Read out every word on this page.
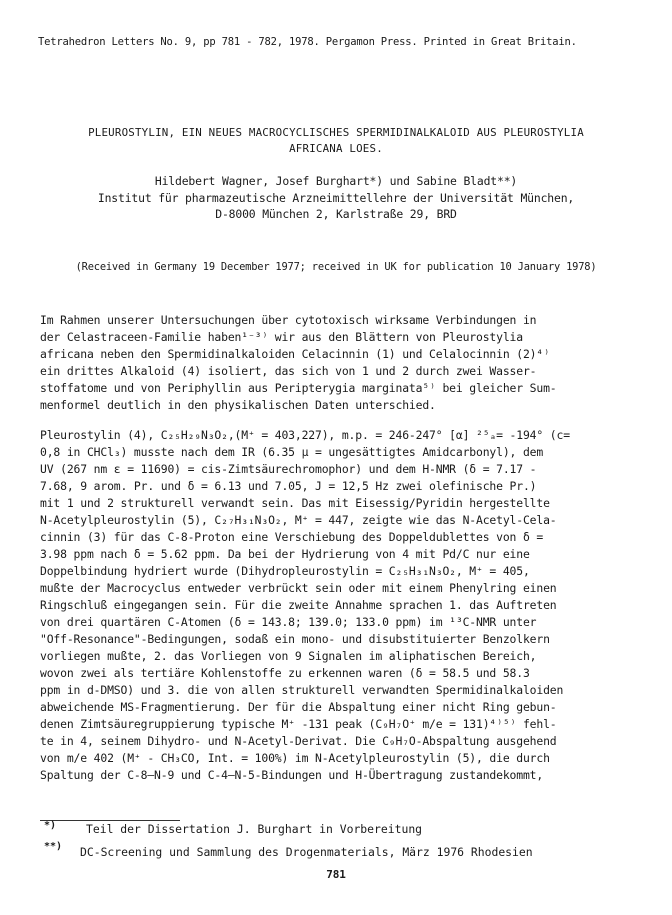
Tetrahedron Letters No. 9, pp 781 - 782, 1978. Pergamon Press. Printed in Great Britain.
PLEUROSTYLIN, EIN NEUES MACROCYCLISCHES SPERMIDINALKALOID AUS PLEUROSTYLIA
AFRICANA LOES.
Hildebert Wagner, Josef Burghart*) und Sabine Bladt**)
Institut für pharmazeutische Arzneimittellehre der Universität München,
D-8000 München 2, Karlstraße 29, BRD
(Received in Germany 19 December 1977; received in UK for publication 10 January 1978)
Im Rahmen unserer Untersuchungen über cytotoxisch wirksame Verbindungen in
der Celastraceen-Familie haben¹⁻³⁾ wir aus den Blättern von Pleurostylia
africana neben den Spermidinalkaloiden Celacinnin (1) und Celalocinnin (2)⁴⁾
ein drittes Alkaloid (4) isoliert, das sich von 1 und 2 durch zwei Wasser-
stoffatome und von Periphyllin aus Peripterygia marginata⁵⁾ bei gleicher Sum-
menformel deutlich in den physikalischen Daten unterschied.
Pleurostylin (4), C₂₅H₂₉N₃O₂,(M⁺ = 403,227), m.p. = 246-247° [α] ²⁵ₐ= -194° (c=
0,8 in CHCl₃) musste nach dem IR (6.35 µ = ungesättigtes Amidcarbonyl), dem
UV (267 nm ε = 11690) = cis-Zimtsäurechromophor) und dem H-NMR (δ = 7.17 -
7.68, 9 arom. Pr. und δ = 6.13 und 7.05, J = 12,5 Hz zwei olefinische Pr.)
mit 1 und 2 strukturell verwandt sein. Das mit Eisessig/Pyridin hergestellte
N-Acetylpleurostylin (5), C₂₇H₃₁N₃O₂, M⁺ = 447, zeigte wie das N-Acetyl-Cela-
cinnin (3) für das C-8-Proton eine Verschiebung des Doppeldublettes von δ =
3.98 ppm nach δ = 5.62 ppm. Da bei der Hydrierung von 4 mit Pd/C nur eine
Doppelbindung hydriert wurde (Dihydropleurostylin = C₂₅H₃₁N₃O₂, M⁺ = 405,
mußte der Macrocyclus entweder verbrückt sein oder mit einem Phenylring einen
Ringschluß eingegangen sein. Für die zweite Annahme sprachen 1. das Auftreten
von drei quartären C-Atomen (δ = 143.8; 139.0; 133.0 ppm) im ¹³C-NMR unter
"Off-Resonance"-Bedingungen, sodaß ein mono- und disubstituierter Benzolkern
vorliegen mußte, 2. das Vorliegen von 9 Signalen im aliphatischen Bereich,
wovon zwei als tertiäre Kohlenstoffe zu erkennen waren (δ = 58.5 und 58.3
ppm in d-DMSO) und 3. die von allen strukturell verwandten Spermidinalkaloiden
abweichende MS-Fragmentierung. Der für die Abspaltung einer nicht Ring gebun-
denen Zimtsäuregruppierung typische M⁺ -131 peak (C₉H₇O⁺ m/e = 131)⁴⁾⁵⁾ fehl-
te in 4, seinem Dihydro- und N-Acetyl-Derivat. Die C₉H₇O-Abspaltung ausgehend
von m/e 402 (M⁺ - CH₃CO, Int. = 100%) im N-Acetylpleurostylin (5), die durch
Spaltung der C-8—N-9 und C-4—N-5-Bindungen und H-Übertragung zustandekommt,
*)	Teil der Dissertation J. Burghart in Vorbereitung
**) DC-Screening und Sammlung des Drogenmaterials, März 1976 Rhodesien
781
